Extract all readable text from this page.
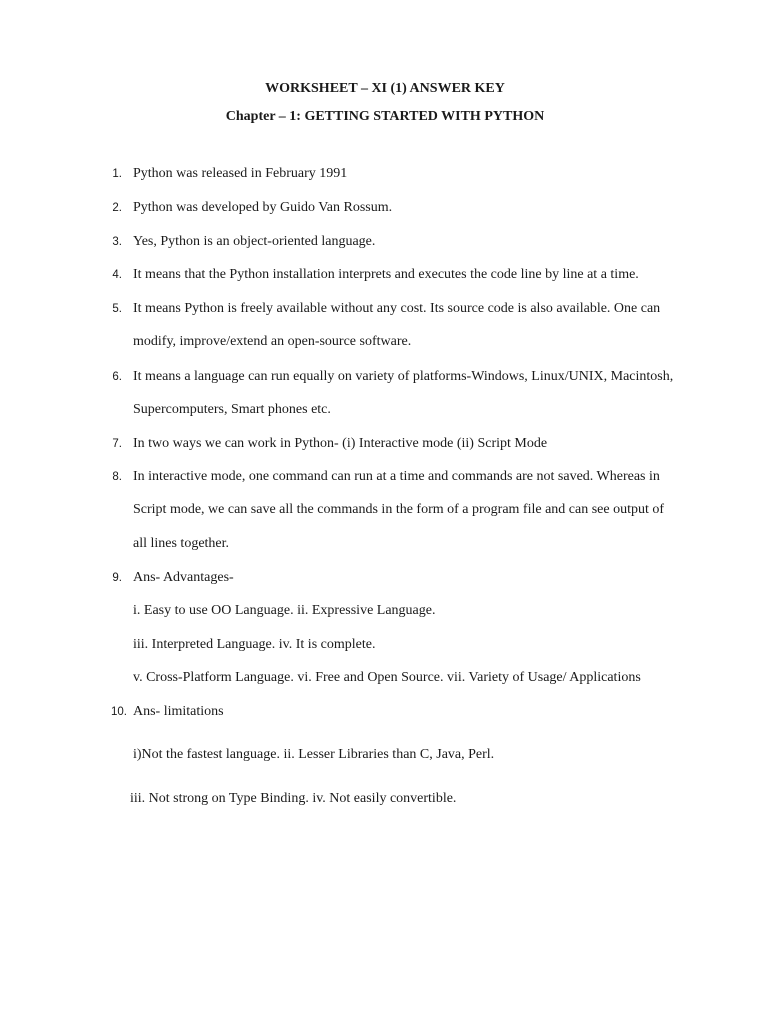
WORKSHEET – XI (1) ANSWER KEY
Chapter – 1: GETTING STARTED WITH PYTHON
1. Python was released in February 1991
2. Python was developed by Guido Van Rossum.
3. Yes, Python is an object-oriented language.
4. It means that the Python installation interprets and executes the code line by line at a time.
5. It means Python is freely available without any cost. Its source code is also available. One can
modify, improve/extend an open-source software.
6. It means a language can run equally on variety of platforms-Windows, Linux/UNIX, Macintosh,
Supercomputers, Smart phones etc.
7. In two ways we can work in Python- (i) Interactive mode (ii) Script Mode
8. In interactive mode, one command can run at a time and commands are not saved. Whereas in
Script mode, we can save all the commands in the form of a program file and can see output of
all lines together.
9. Ans- Advantages-
i. Easy to use OO Language. ii. Expressive Language.
iii. Interpreted Language. iv. It is complete.
v. Cross-Platform Language. vi. Free and Open Source. vii. Variety of Usage/ Applications
10. Ans- limitations
i)Not the fastest language. ii. Lesser Libraries than C, Java, Perl.
iii. Not strong on Type Binding. iv. Not easily convertible.
